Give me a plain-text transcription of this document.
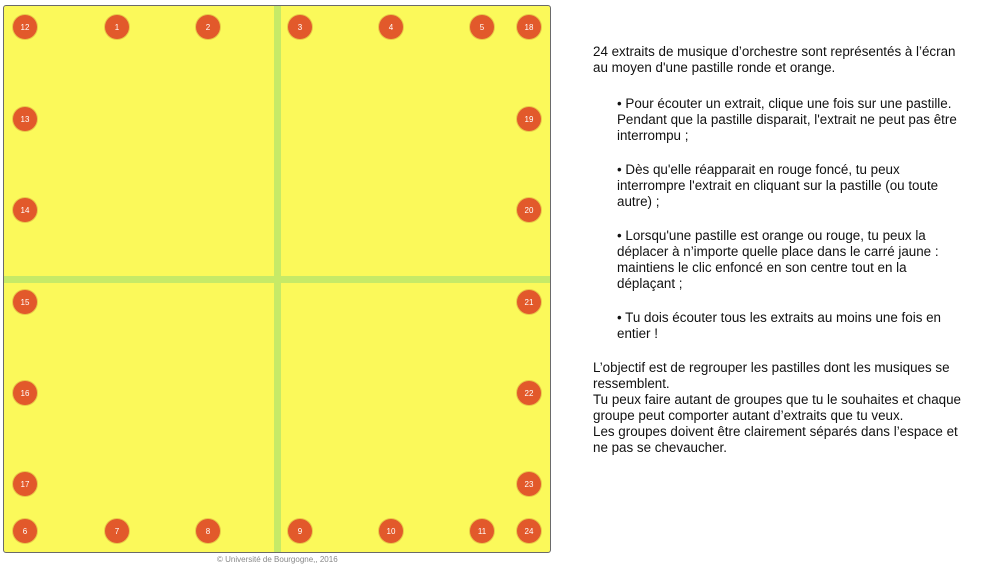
12	1	2	3	4	5	18
13	19
14	20
15	21
16	22
17	23
6	7	8	9	10	11	24
© Université de Bourgogne,, 2016

24 extraits de musique d’orchestre sont représentés à l’écran au moyen d'une pastille ronde et orange.

• Pour écouter un extrait, clique une fois sur une pastille.
Pendant que la pastille disparait, l'extrait ne peut pas être interrompu ;

• Dès qu'elle réapparait en rouge foncé, tu peux interrompre l'extrait en cliquant sur la pastille (ou toute autre) ;

• Lorsqu'une pastille est orange ou rouge, tu peux la déplacer à n’importe quelle place dans le carré jaune : maintiens le clic enfoncé en son centre tout en la déplaçant ;

• Tu dois écouter tous les extraits au moins une fois en entier !

L’objectif est de regrouper les pastilles dont les musiques se ressemblent.
Tu peux faire autant de groupes que tu le souhaites et chaque groupe peut comporter autant d’extraits que tu veux.
Les groupes doivent être clairement séparés dans l’espace et ne pas se chevaucher.
